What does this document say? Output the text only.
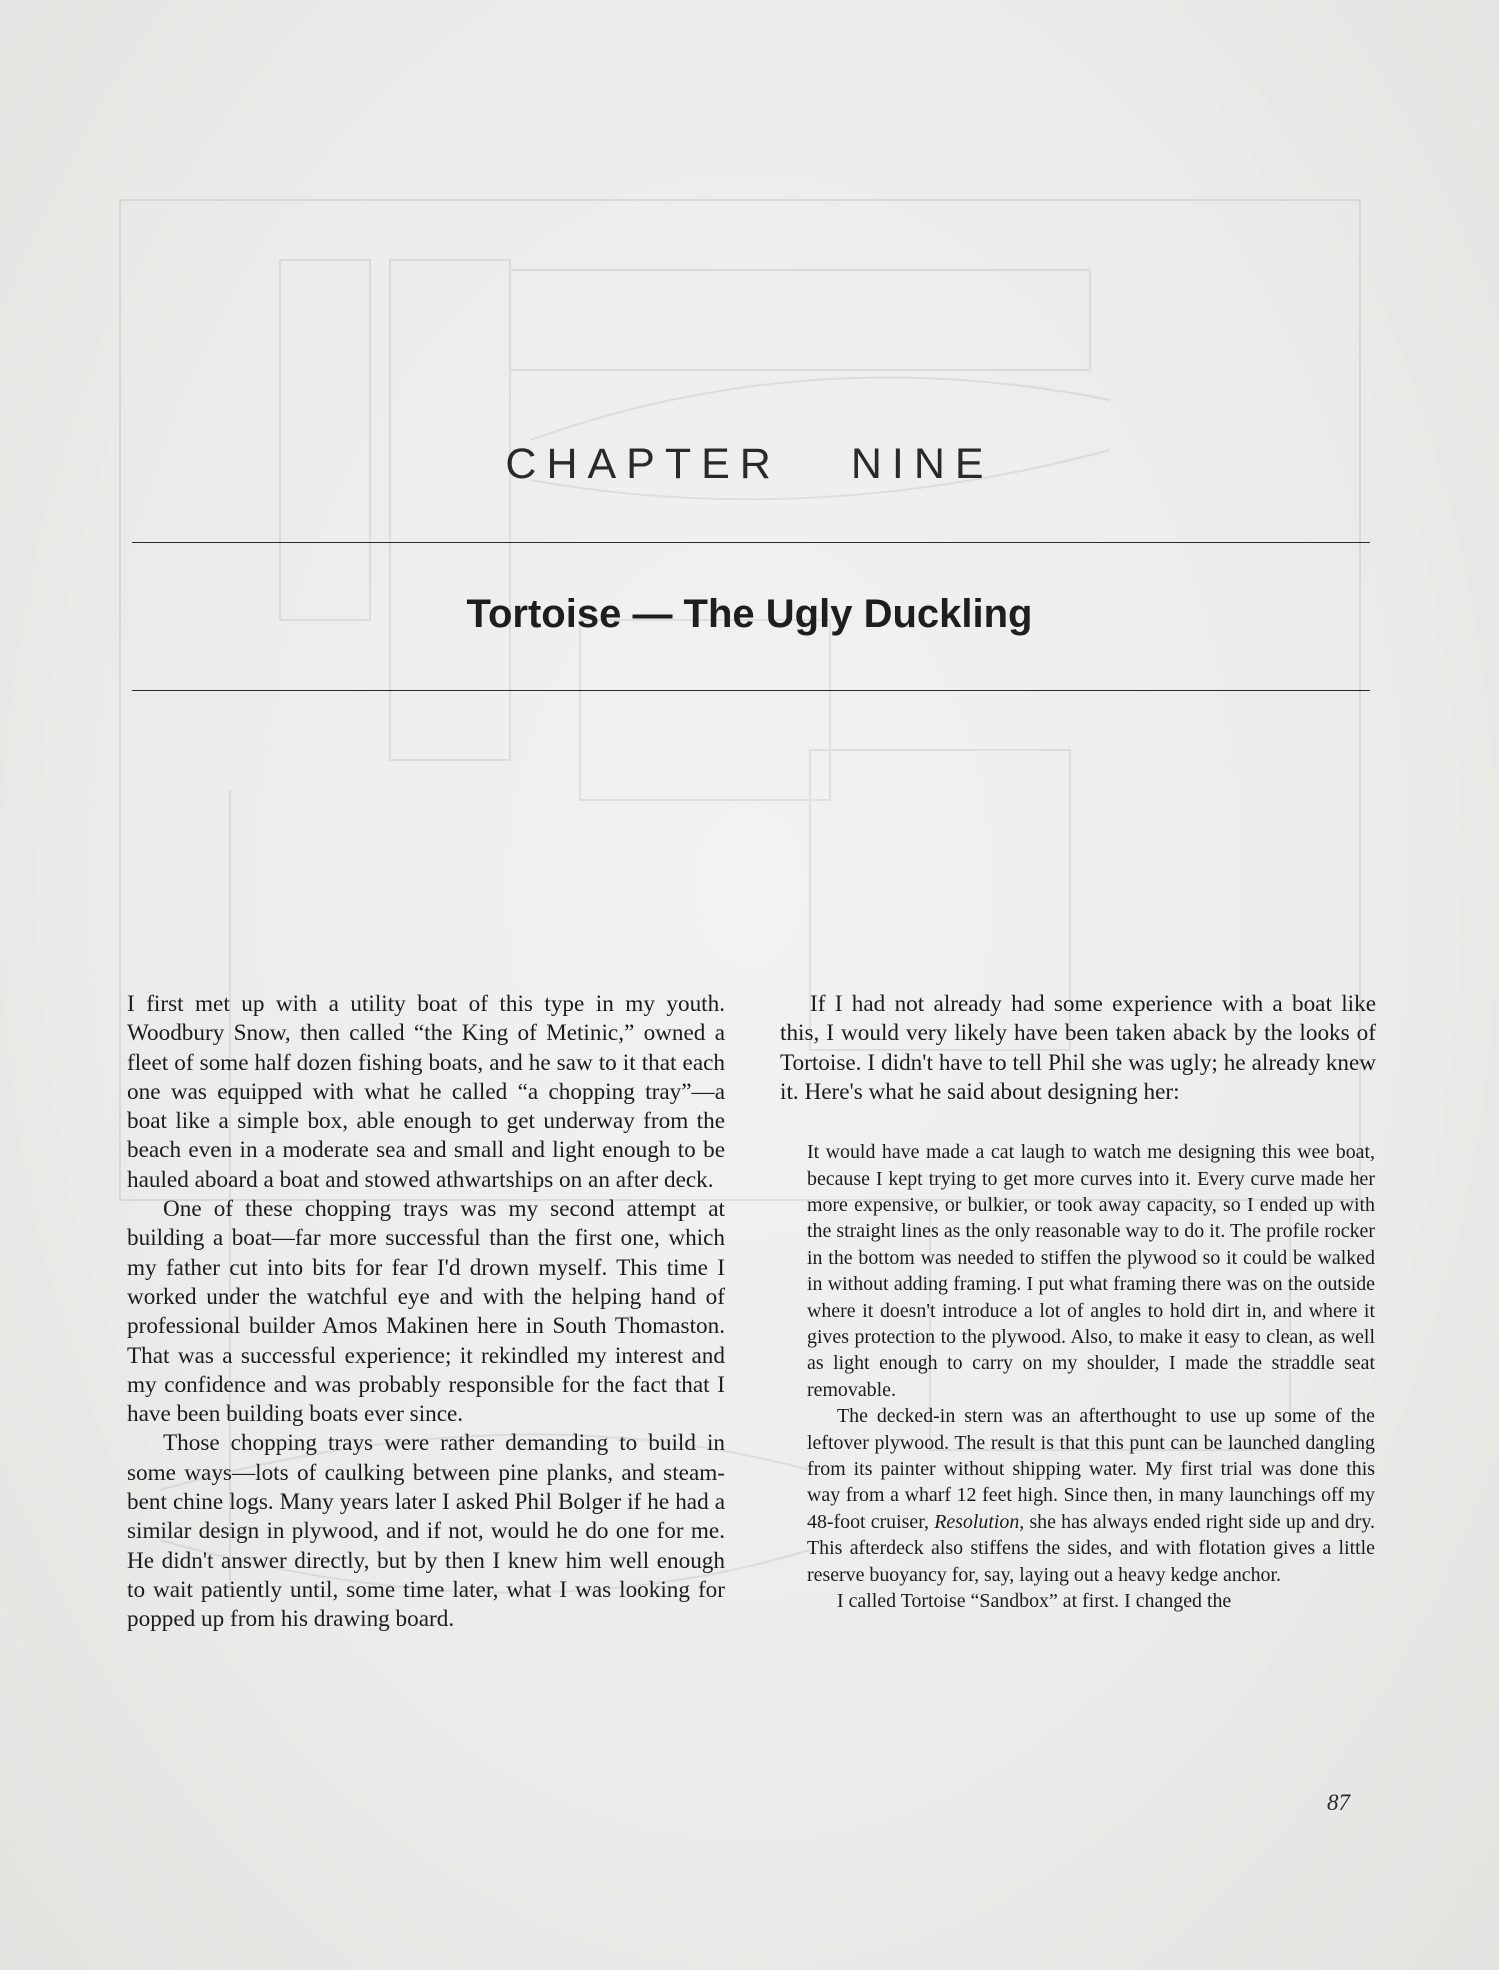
CHAPTER NINE
Tortoise — The Ugly Duckling

I first met up with a utility boat of this type in my youth. Woodbury Snow, then called “the King of Metinic,” owned a fleet of some half dozen fishing boats, and he saw to it that each one was equipped with what he called “a chopping tray”—a boat like a simple box, able enough to get underway from the beach even in a moderate sea and small and light enough to be hauled aboard a boat and stowed athwartships on an after deck.

One of these chopping trays was my second attempt at building a boat—far more successful than the first one, which my father cut into bits for fear I'd drown myself. This time I worked under the watchful eye and with the helping hand of professional builder Amos Makinen here in South Thomaston. That was a successful experience; it rekindled my interest and my confidence and was probably responsible for the fact that I have been building boats ever since.

Those chopping trays were rather demanding to build in some ways—lots of caulking between pine planks, and steam-bent chine logs. Many years later I asked Phil Bolger if he had a similar design in plywood, and if not, would he do one for me. He didn't answer directly, but by then I knew him well enough to wait patiently until, some time later, what I was looking for popped up from his drawing board.

If I had not already had some experience with a boat like this, I would very likely have been taken aback by the looks of Tortoise. I didn't have to tell Phil she was ugly; he already knew it. Here's what he said about designing her:

It would have made a cat laugh to watch me designing this wee boat, because I kept trying to get more curves into it. Every curve made her more expensive, or bulkier, or took away capacity, so I ended up with the straight lines as the only reasonable way to do it. The profile rocker in the bottom was needed to stiffen the plywood so it could be walked in without adding framing. I put what framing there was on the outside where it doesn't introduce a lot of angles to hold dirt in, and where it gives protection to the plywood. Also, to make it easy to clean, as well as light enough to carry on my shoulder, I made the straddle seat removable.

The decked-in stern was an afterthought to use up some of the leftover plywood. The result is that this punt can be launched dangling from its painter without shipping water. My first trial was done this way from a wharf 12 feet high. Since then, in many launchings off my 48-foot cruiser, Resolution, she has always ended right side up and dry. This afterdeck also stiffens the sides, and with flotation gives a little reserve buoyancy for, say, laying out a heavy kedge anchor.

I called Tortoise “Sandbox” at first. I changed the

87
